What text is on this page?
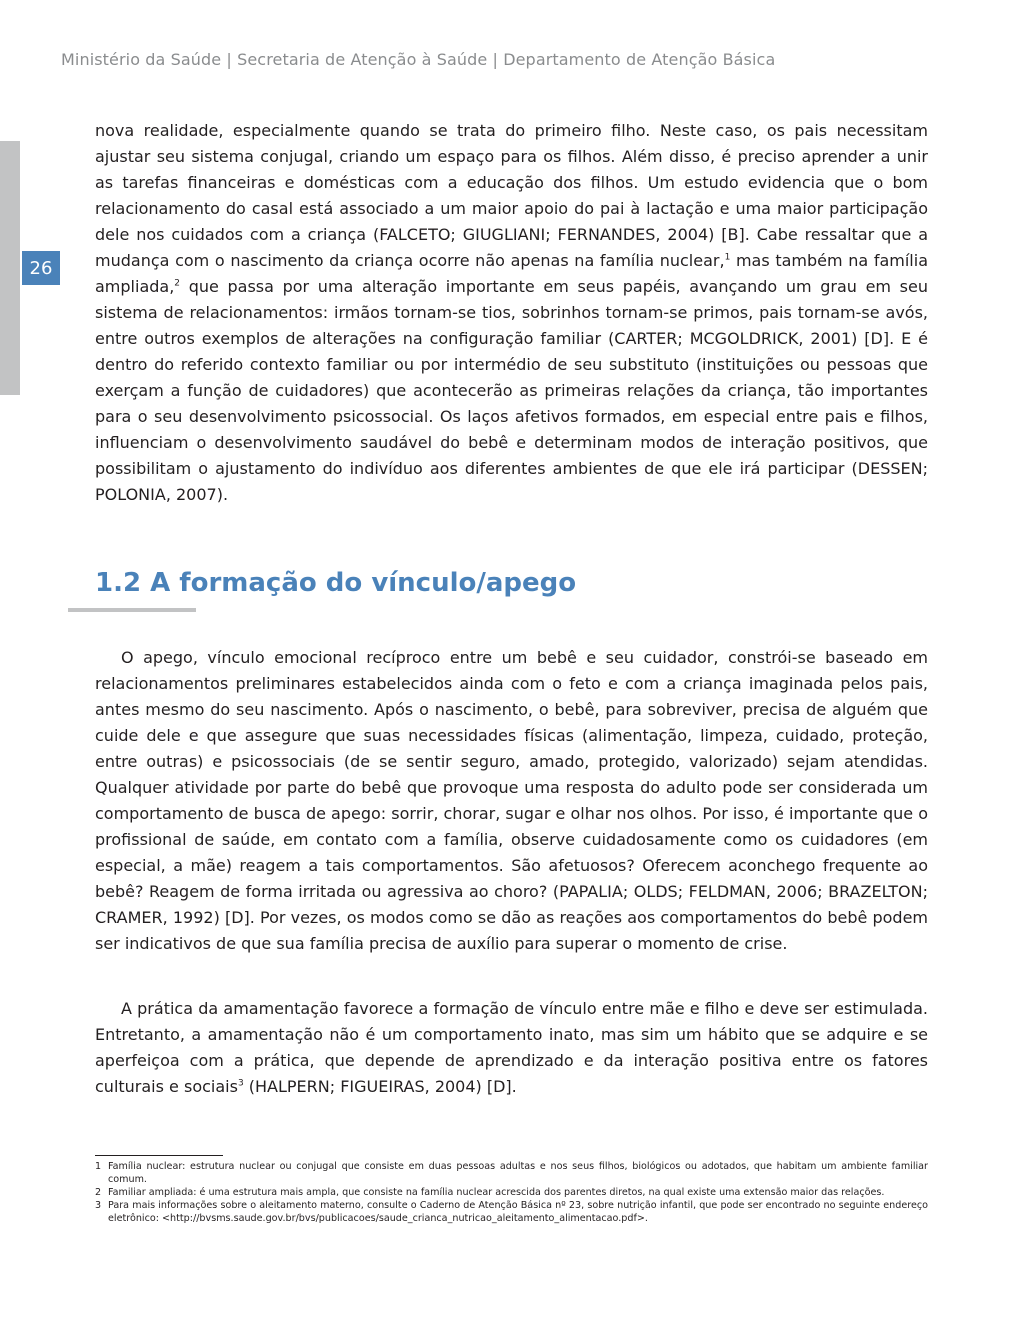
Ministério da Saúde | Secretaria de Atenção à Saúde | Departamento de Atenção Básica
26

nova realidade, especialmente quando se trata do primeiro filho. Neste caso, os pais necessitam ajustar seu sistema conjugal, criando um espaço para os filhos. Além disso, é preciso aprender a unir as tarefas financeiras e domésticas com a educação dos filhos. Um estudo evidencia que o bom relacionamento do casal está associado a um maior apoio do pai à lactação e uma maior participação dele nos cuidados com a criança (FALCETO; GIUGLIANI; FERNANDES, 2004) [B]. Cabe ressaltar que a mudança com o nascimento da criança ocorre não apenas na família nuclear,$^1$ mas também na família ampliada,$^2$ que passa por uma alteração importante em seus papéis, avançando um grau em seu sistema de relacionamentos: irmãos tornam-se tios, sobrinhos tornam-se primos, pais tornam-se avós, entre outros exemplos de alterações na configuração familiar (CARTER; MCGOLDRICK, 2001) [D]. E é dentro do referido contexto familiar ou por intermédio de seu substituto (instituições ou pessoas que exerçam a função de cuidadores) que acontecerão as primeiras relações da criança, tão importantes para o seu desenvolvimento psicossocial. Os laços afetivos formados, em especial entre pais e filhos, influenciam o desenvolvimento saudável do bebê e determinam modos de interação positivos, que possibilitam o ajustamento do indivíduo aos diferentes ambientes de que ele irá participar (DESSEN; POLONIA, 2007).

1.2 A formação do vínculo/apego

O apego, vínculo emocional recíproco entre um bebê e seu cuidador, constrói-se baseado em relacionamentos preliminares estabelecidos ainda com o feto e com a criança imaginada pelos pais, antes mesmo do seu nascimento. Após o nascimento, o bebê, para sobreviver, precisa de alguém que cuide dele e que assegure que suas necessidades físicas (alimentação, limpeza, cuidado, proteção, entre outras) e psicossociais (de se sentir seguro, amado, protegido, valorizado) sejam atendidas. Qualquer atividade por parte do bebê que provoque uma resposta do adulto pode ser considerada um comportamento de busca de apego: sorrir, chorar, sugar e olhar nos olhos. Por isso, é importante que o profissional de saúde, em contato com a família, observe cuidadosamente como os cuidadores (em especial, a mãe) reagem a tais comportamentos. São afetuosos? Oferecem aconchego frequente ao bebê? Reagem de forma irritada ou agressiva ao choro? (PAPALIA; OLDS; FELDMAN, 2006; BRAZELTON; CRAMER, 1992) [D]. Por vezes, os modos como se dão as reações aos comportamentos do bebê podem ser indicativos de que sua família precisa de auxílio para superar o momento de crise.

A prática da amamentação favorece a formação de vínculo entre mãe e filho e deve ser estimulada. Entretanto, a amamentação não é um comportamento inato, mas sim um hábito que se adquire e se aperfeiçoa com a prática, que depende de aprendizado e da interação positiva entre os fatores culturais e sociais$^3$ (HALPERN; FIGUEIRAS, 2004) [D].

1 Família nuclear: estrutura nuclear ou conjugal que consiste em duas pessoas adultas e nos seus filhos, biológicos ou adotados, que habitam um ambiente familiar comum.

2 Familiar ampliada: é uma estrutura mais ampla, que consiste na família nuclear acrescida dos parentes diretos, na qual existe uma extensão maior das relações.

3 Para mais informações sobre o aleitamento materno, consulte o Caderno de Atenção Básica nº 23, sobre nutrição infantil, que pode ser encontrado no seguinte endereço eletrônico: <http://bvsms.saude.gov.br/bvs/publicacoes/saude_crianca_nutricao_aleitamento_alimentacao.pdf>.
